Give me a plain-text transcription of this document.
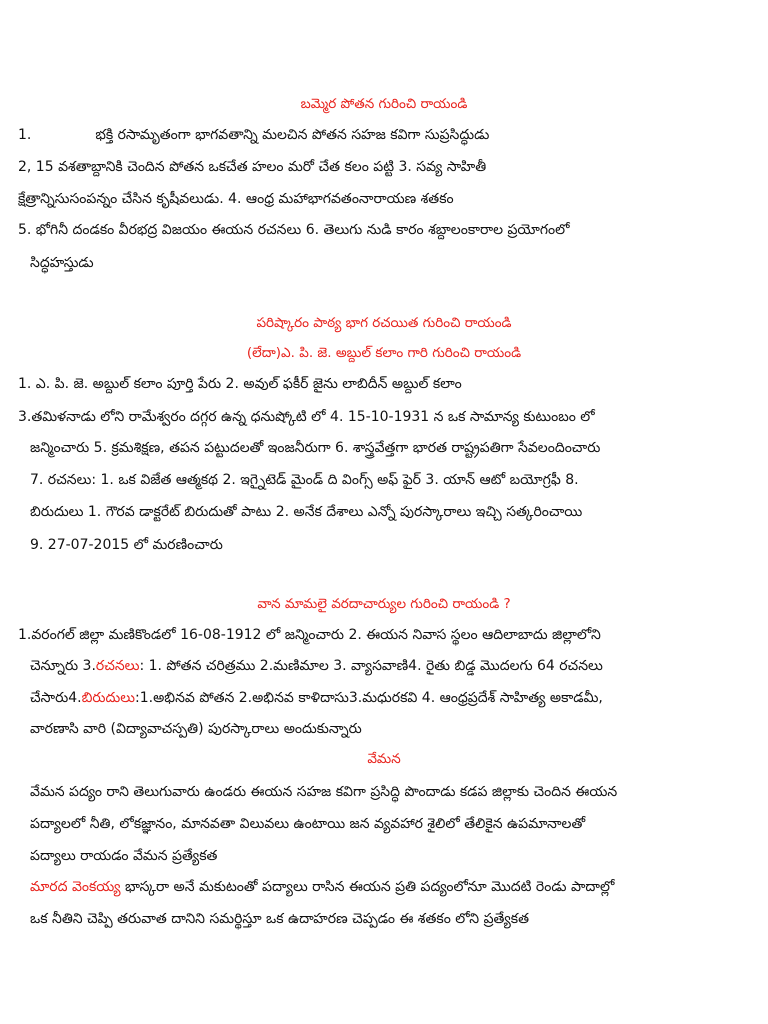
బమ్మెర పోతన గురించి రాయండి
1.	భక్తి రసామృతంగా భాగవతాన్ని మలచిన పోతన సహజ కవిగా సుప్రసిద్ధుడు
2, 15 వశతాబ్దానికి చెందిన పోతన ఒకచేత హలం మరో చేత కలం పట్టి 3. సవ్య సాహితీ
క్షేత్రాన్నిసుసంపన్నం చేసిన కృషీవలుడు. 4. ఆంధ్ర మహాభాగవతంనారాయణ శతకం
5. భోగినీ దండకం వీరభద్ర విజయం ఈయన రచనలు 6. తెలుగు నుడి కారం శబ్దాలంకారాల ప్రయోగంలో
సిద్ధహస్తుడు
పరిష్కారం పాఠ్య భాగ రచయిత గురించి రాయండి
(లేదా)ఎ. పి. జె. అబ్దుల్ కలాం గారి గురించి రాయండి
1. ఎ. పి. జె. అబ్దుల్ కలాం పూర్తి పేరు 2. అవుల్ ఫకీర్ జైను లాబిదీన్ అబ్దుల్ కలాం
3.తమిళనాడు లోని రామేశ్వరం దగ్గర ఉన్న ధనుష్కోటి లో 4. 15-10-1931 న ఒక సామాన్య కుటుంబం లో
జన్మించారు 5. క్రమశిక్షణ, తపన పట్టుదలతో ఇంజనీరుగా 6. శాస్త్రవేత్తగా భారత రాష్ట్రపతిగా సేవలందించారు
7. రచనలు: 1. ఒక విజేత ఆత్మకథ 2. ఇగ్నైటెడ్ మైండ్ ది వింగ్స్ అఫ్ ఫైర్ 3. యాన్ ఆటో బయోగ్రఫీ 8.
బిరుదులు 1. గౌరవ డాక్టరేట్ బిరుదుతో పాటు 2. అనేక దేశాలు ఎన్నో పురస్కారాలు ఇచ్చి సత్కరించాయి
9. 27-07-2015 లో మరణించారు
వాన మామలై వరదాచార్యుల గురించి రాయండి ?
1.వరంగల్ జిల్లా మణికొండలో 16-08-1912 లో జన్మించారు 2. ఈయన నివాస స్థలం ఆదిలాబాదు జిల్లాలోని
చెన్నూరు 3.రచనలు: 1. పోతన చరిత్రము 2.మణిమాల 3. వ్యాసవాణి4. రైతు బిడ్డ మొదలగు 64 రచనలు
చేసారు4.బిరుదులు:1.అభినవ పోతన 2.అభినవ కాళిదాసు3.మధురకవి 4. ఆంధ్రప్రదేశ్ సాహిత్య అకాడమీ,
వారణాసి వారి (విద్యావాచస్పతి) పురస్కారాలు అందుకున్నారు
వేమన
వేమన పద్యం రాని తెలుగువారు ఉండరు ఈయన సహజ కవిగా ప్రసిద్ధి పొందాడు కడప జిల్లాకు చెందిన ఈయన
పద్యాలలో నీతి, లోకజ్ఞానం, మానవతా విలువలు ఉంటాయి జన వ్యవహార శైలిలో తేలికైన ఉపమానాలతో
పద్యాలు రాయడం వేమన ప్రత్యేకత
మారద వెంకయ్య భాస్కరా అనే మకుటంతో పద్యాలు రాసిన ఈయన ప్రతి పద్యంలోనూ మొదటి రెండు పాదాల్లో
ఒక నీతిని చెప్పి తరువాత దానిని సమర్థిస్తూ ఒక ఉదాహరణ చెప్పడం ఈ శతకం లోని ప్రత్యేకత
